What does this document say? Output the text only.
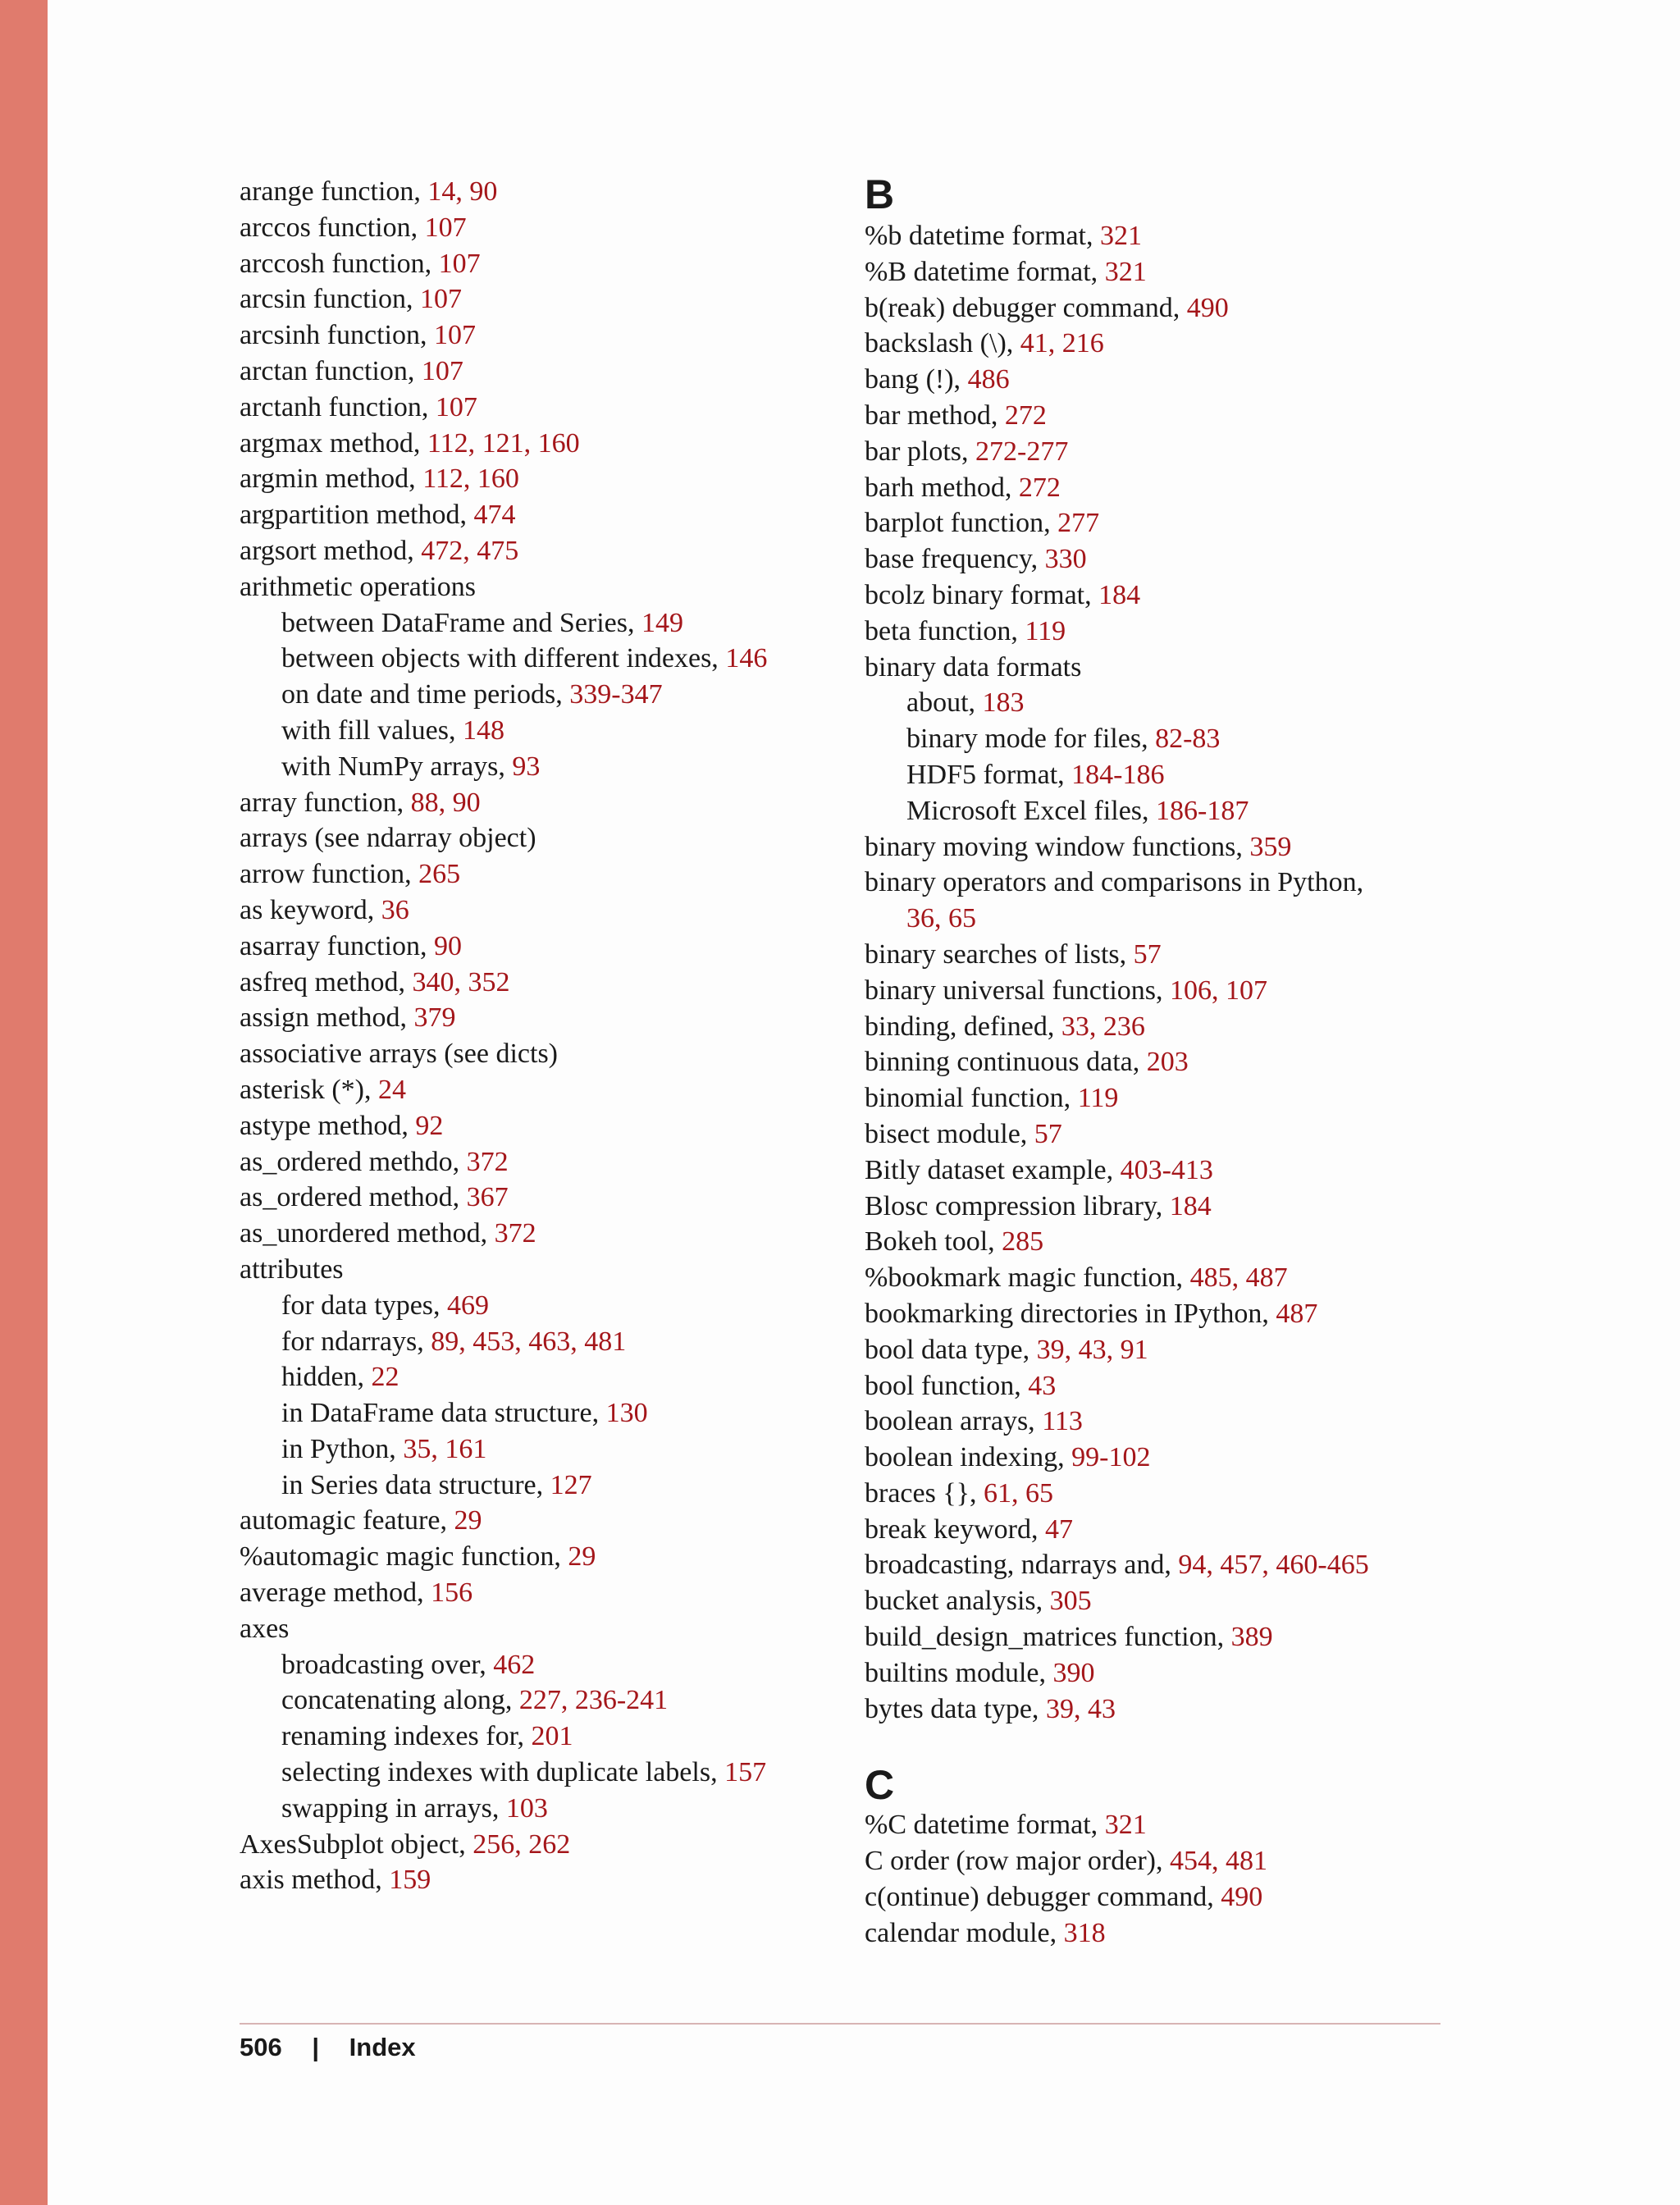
arange function, 14, 90
arccos function, 107
arccosh function, 107
arcsin function, 107
arcsinh function, 107
arctan function, 107
arctanh function, 107
argmax method, 112, 121, 160
argmin method, 112, 160
argpartition method, 474
argsort method, 472, 475
arithmetic operations
between DataFrame and Series, 149
between objects with different indexes, 146
on date and time periods, 339-347
with fill values, 148
with NumPy arrays, 93
array function, 88, 90
arrays (see ndarray object)
arrow function, 265
as keyword, 36
asarray function, 90
asfreq method, 340, 352
assign method, 379
associative arrays (see dicts)
asterisk (*), 24
astype method, 92
as_ordered methdo, 372
as_ordered method, 367
as_unordered method, 372
attributes
for data types, 469
for ndarrays, 89, 453, 463, 481
hidden, 22
in DataFrame data structure, 130
in Python, 35, 161
in Series data structure, 127
automagic feature, 29
%automagic magic function, 29
average method, 156
axes
broadcasting over, 462
concatenating along, 227, 236-241
renaming indexes for, 201
selecting indexes with duplicate labels, 157
swapping in arrays, 103
AxesSubplot object, 256, 262
axis method, 159
B
%b datetime format, 321
%B datetime format, 321
b(reak) debugger command, 490
backslash (\), 41, 216
bang (!), 486
bar method, 272
bar plots, 272-277
barh method, 272
barplot function, 277
base frequency, 330
bcolz binary format, 184
beta function, 119
binary data formats
about, 183
binary mode for files, 82-83
HDF5 format, 184-186
Microsoft Excel files, 186-187
binary moving window functions, 359
binary operators and comparisons in Python,
36, 65
binary searches of lists, 57
binary universal functions, 106, 107
binding, defined, 33, 236
binning continuous data, 203
binomial function, 119
bisect module, 57
Bitly dataset example, 403-413
Blosc compression library, 184
Bokeh tool, 285
%bookmark magic function, 485, 487
bookmarking directories in IPython, 487
bool data type, 39, 43, 91
bool function, 43
boolean arrays, 113
boolean indexing, 99-102
braces {}, 61, 65
break keyword, 47
broadcasting, ndarrays and, 94, 457, 460-465
bucket analysis, 305
build_design_matrices function, 389
builtins module, 390
bytes data type, 39, 43
C
%C datetime format, 321
C order (row major order), 454, 481
c(ontinue) debugger command, 490
calendar module, 318
506 | Index
